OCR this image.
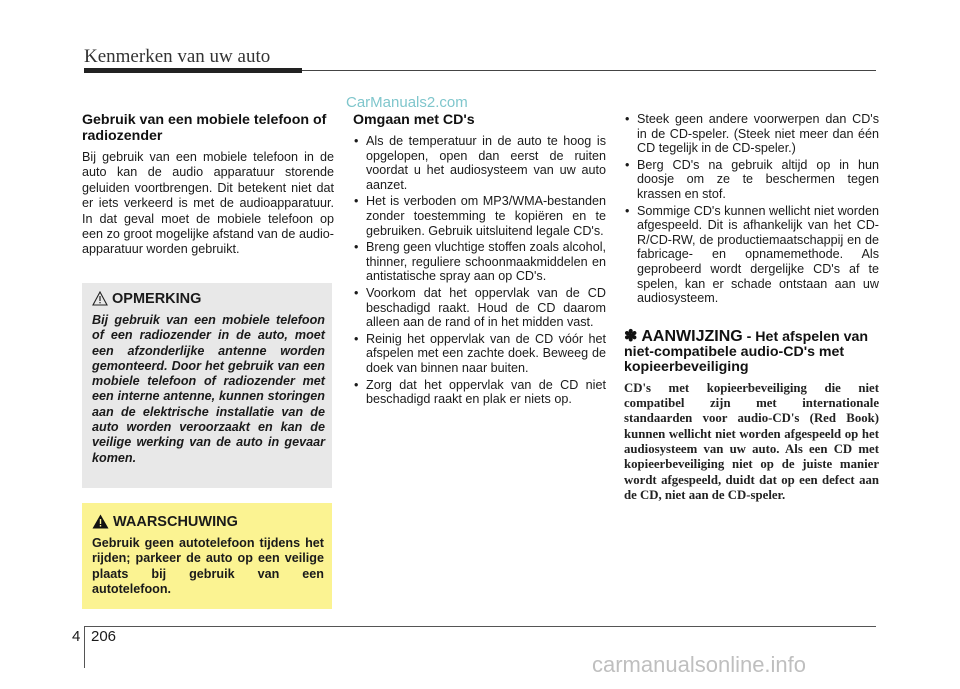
Kenmerken van uw auto
CarManuals2.com
Gebruik van een mobiele telefoon of radiozender

Bij gebruik van een mobiele telefoon in de auto kan de audio apparatuur storende geluiden voortbrengen. Dit betekent niet dat er iets verkeerd is met de audioapparatuur. In dat geval moet de mobiele telefoon op een zo groot mogelijke afstand van de audio-apparatuur worden gebruikt.

OPMERKING
Bij gebruik van een mobiele telefoon of een radiozender in de auto, moet een afzonderlijke antenne worden gemonteerd. Door het gebruik van een mobiele telefoon of radiozender met een interne antenne, kunnen storingen aan de elektrische installatie van de auto worden veroorzaakt en kan de veilige werking van de auto in gevaar komen.
WAARSCHUWING
Gebruik geen autotelefoon tijdens het rijden; parkeer de auto op een veilige plaats bij gebruik van een autotelefoon.
Omgaan met CD's
• Als de temperatuur in de auto te hoog is opgelopen, open dan eerst de ruiten voordat u het audiosysteem van uw auto aanzet.
• Het is verboden om MP3/WMA-bestanden zonder toestemming te kopiëren en te gebruiken. Gebruik uitsluitend legale CD's.
• Breng geen vluchtige stoffen zoals alcohol, thinner, reguliere schoonmaakmiddelen en antistatische spray aan op CD's.
• Voorkom dat het oppervlak van de CD beschadigd raakt. Houd de CD daarom alleen aan de rand of in het midden vast.
• Reinig het oppervlak van de CD vóór het afspelen met een zachte doek. Beweeg de doek van binnen naar buiten.
• Zorg dat het oppervlak van de CD niet beschadigd raakt en plak er niets op.
• Steek geen andere voorwerpen dan CD's in de CD-speler. (Steek niet meer dan één CD tegelijk in de CD-speler.)
• Berg CD's na gebruik altijd op in hun doosje om ze te beschermen tegen krassen en stof.
• Sommige CD's kunnen wellicht niet worden afgespeeld. Dit is afhankelijk van het CD-R/CD-RW, de productiemaatschappij en de fabricage- en opnamemethode. Als geprobeerd wordt dergelijke CD's af te spelen, kan er schade ontstaan aan uw audiosysteem.
✽ AANWIJZING - Het afspelen van niet-compatibele audio-CD's met kopieerbeveiliging
CD's met kopieerbeveiliging die niet compatibel zijn met internationale standaarden voor audio-CD's (Red Book) kunnen wellicht niet worden afgespeeld op het audiosysteem van uw auto. Als een CD met kopieerbeveiliging niet op de juiste manier wordt afgespeeld, duidt dat op een defect aan de CD, niet aan de CD-speler.
4 206
carmanualsonline.info
